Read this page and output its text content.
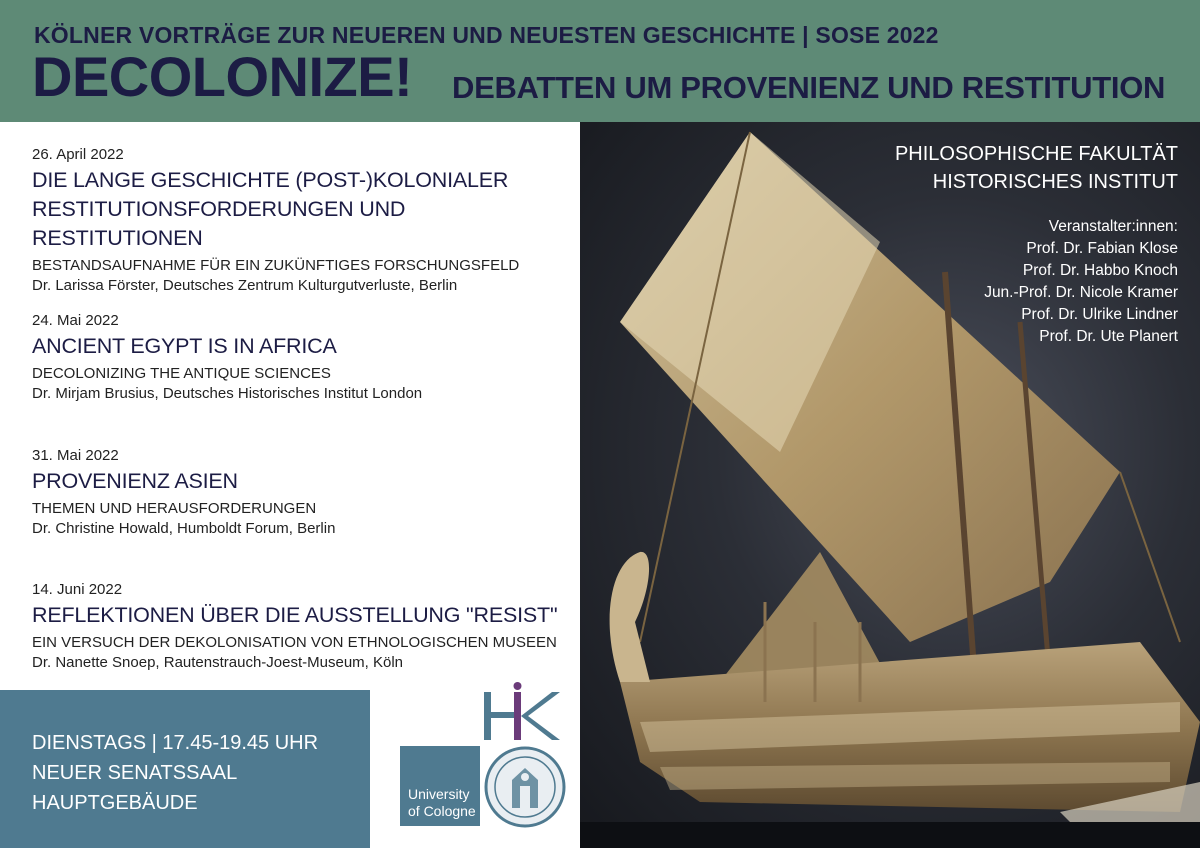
KÖLNER VORTRÄGE ZUR NEUEREN UND NEUESTEN GESCHICHTE | SOSE 2022
DECOLONIZE! DEBATTEN UM PROVENIENZ UND RESTITUTION
26. April 2022
DIE LANGE GESCHICHTE (POST-)KOLONIALER
RESTITUTIONSFORDERUNGEN UND RESTITUTIONEN
BESTANDSAUFNAHME FÜR EIN ZUKÜNFTIGES FORSCHUNGSFELD
Dr. Larissa Förster, Deutsches Zentrum Kulturgutverluste, Berlin
24. Mai 2022
ANCIENT EGYPT IS IN AFRICA
DECOLONIZING THE ANTIQUE SCIENCES
Dr. Mirjam Brusius, Deutsches Historisches Institut London
31. Mai 2022
PROVENIENZ ASIEN
THEMEN UND HERAUSFORDERUNGEN
Dr. Christine Howald, Humboldt Forum, Berlin
14. Juni 2022
REFLEKTIONEN ÜBER DIE AUSSTELLUNG "RESIST"
EIN VERSUCH DER DEKOLONISATION VON ETHNOLOGISCHEN MUSEEN
Dr. Nanette Snoep, Rautenstrauch-Joest-Museum, Köln
PHILOSOPHISCHE FAKULTÄT
HISTORISCHES INSTITUT
Veranstalter:innen:
Prof. Dr. Fabian Klose
Prof. Dr. Habbo Knoch
Jun.-Prof. Dr. Nicole Kramer
Prof. Dr. Ulrike Lindner
Prof. Dr. Ute Planert
DIENSTAGS | 17.45-19.45 UHR
NEUER SENATSSAAL
HAUPTGEBÄUDE	University
of Cologne
